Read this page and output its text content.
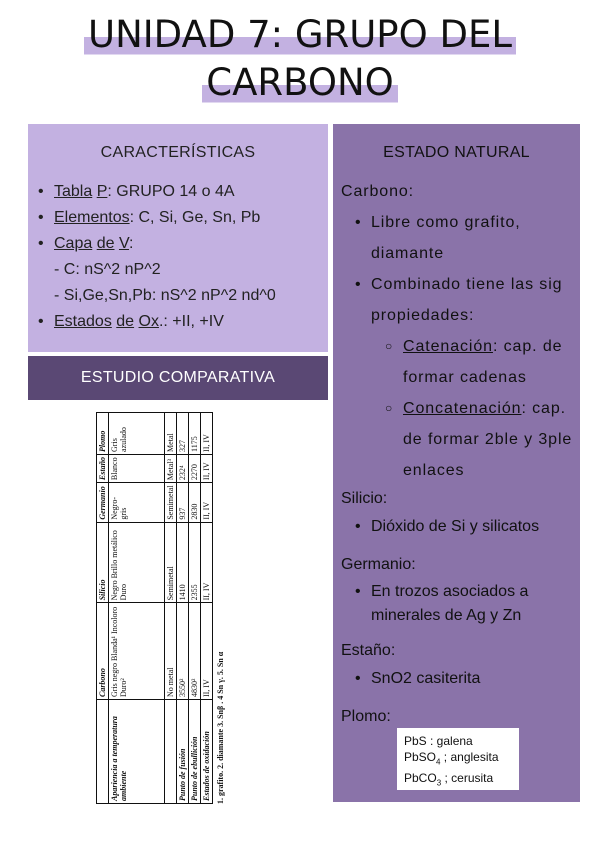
UNIDAD 7: GRUPO DEL
CARBONO
CARACTERÍSTICAS
• Tabla P: GRUPO 14 o 4A
• Elementos: C, Si, Ge, Sn, Pb
• Capa de V:
- C: nS^2 nP^2
- Si,Ge,Sn,Pb: nS^2 nP^2 nd^0
• Estados de Ox.: +II, +IV
ESTUDIO COMPARATIVA
	Carbono	Silicio	Germanio	Estaño	Plomo
Apariencia a temperatura ambiente	Gris negro Blanda¹ Incoloro Duro²	Negro Brillo metálico Duro	Negro-gris	Blanco	Gris azulado
	No metal	Semimetal	Semimetal	Metal³	Metal
Punto de fusión	3550²	1410	937	232⁴	327
Punto de ebullición	4830²	2355	2830	2270	1175
Estados de oxidación	II, IV	II, IV	II, IV	II, IV	II, IV
1. grafito. 2. diamante 3. Snβ . 4 Sn γ. 5. Sn α
ESTADO NATURAL
Carbono:
• Libre como grafito, diamante
• Combinado tiene las sig propiedades:
○ Catenación: cap. de formar cadenas
○ Concatenación: cap. de formar 2ble y 3ple enlaces
Silicio:
• Dióxido de Si y silicatos
Germanio:
• En trozos asociados a minerales de Ag y Zn
Estaño:
• SnO2 casiterita
Plomo:
PbS : galena
PbSO$_4$ ; anglesita
PbCO$_3$ ; cerusita
